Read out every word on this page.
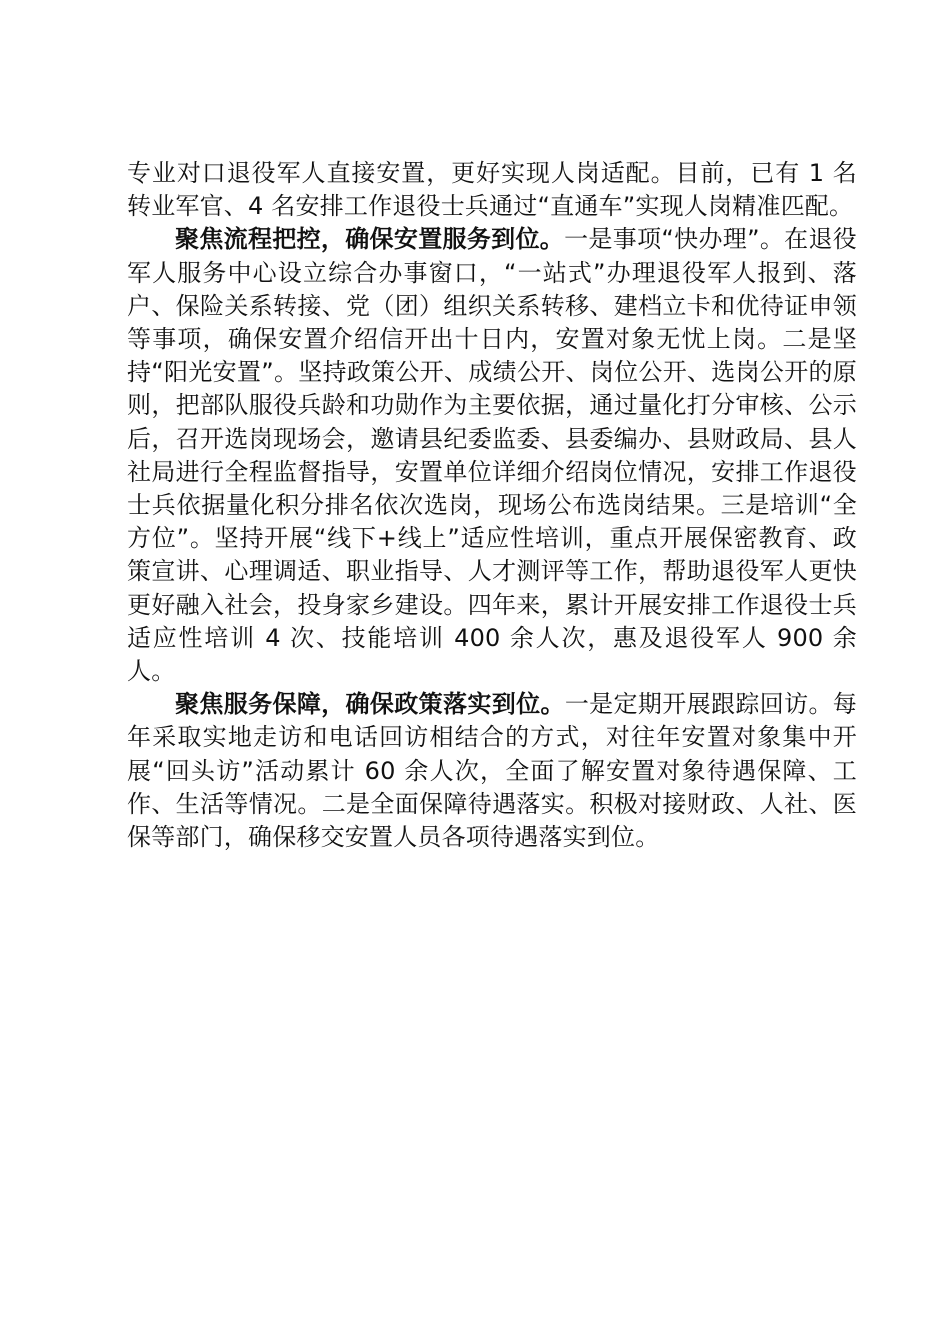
专业对口退役军人直接安置，更好实现人岗适配。目前，已有 1 名转业军官、4 名安排工作退役士兵通过“直通车”实现人岗精准匹配。

聚焦流程把控，确保安置服务到位。一是事项“快办理”。在退役军人服务中心设立综合办事窗口，“一站式”办理退役军人报到、落户、保险关系转接、党（团）组织关系转移、建档立卡和优待证申领等事项，确保安置介绍信开出十日内，安置对象无忧上岗。二是坚持“阳光安置”。坚持政策公开、成绩公开、岗位公开、选岗公开的原则，把部队服役兵龄和功勋作为主要依据，通过量化打分审核、公示后，召开选岗现场会，邀请县纪委监委、县委编办、县财政局、县人社局进行全程监督指导，安置单位详细介绍岗位情况，安排工作退役士兵依据量化积分排名依次选岗，现场公布选岗结果。三是培训“全方位”。坚持开展“线下+线上”适应性培训，重点开展保密教育、政策宣讲、心理调适、职业指导、人才测评等工作，帮助退役军人更快更好融入社会，投身家乡建设。四年来，累计开展安排工作退役士兵适应性培训 4 次、技能培训 400 余人次，惠及退役军人 900 余人。

聚焦服务保障，确保政策落实到位。一是定期开展跟踪回访。每年采取实地走访和电话回访相结合的方式，对往年安置对象集中开展“回头访”活动累计 60 余人次，全面了解安置对象待遇保障、工作、生活等情况。二是全面保障待遇落实。积极对接财政、人社、医保等部门，确保移交安置人员各项待遇落实到位。
